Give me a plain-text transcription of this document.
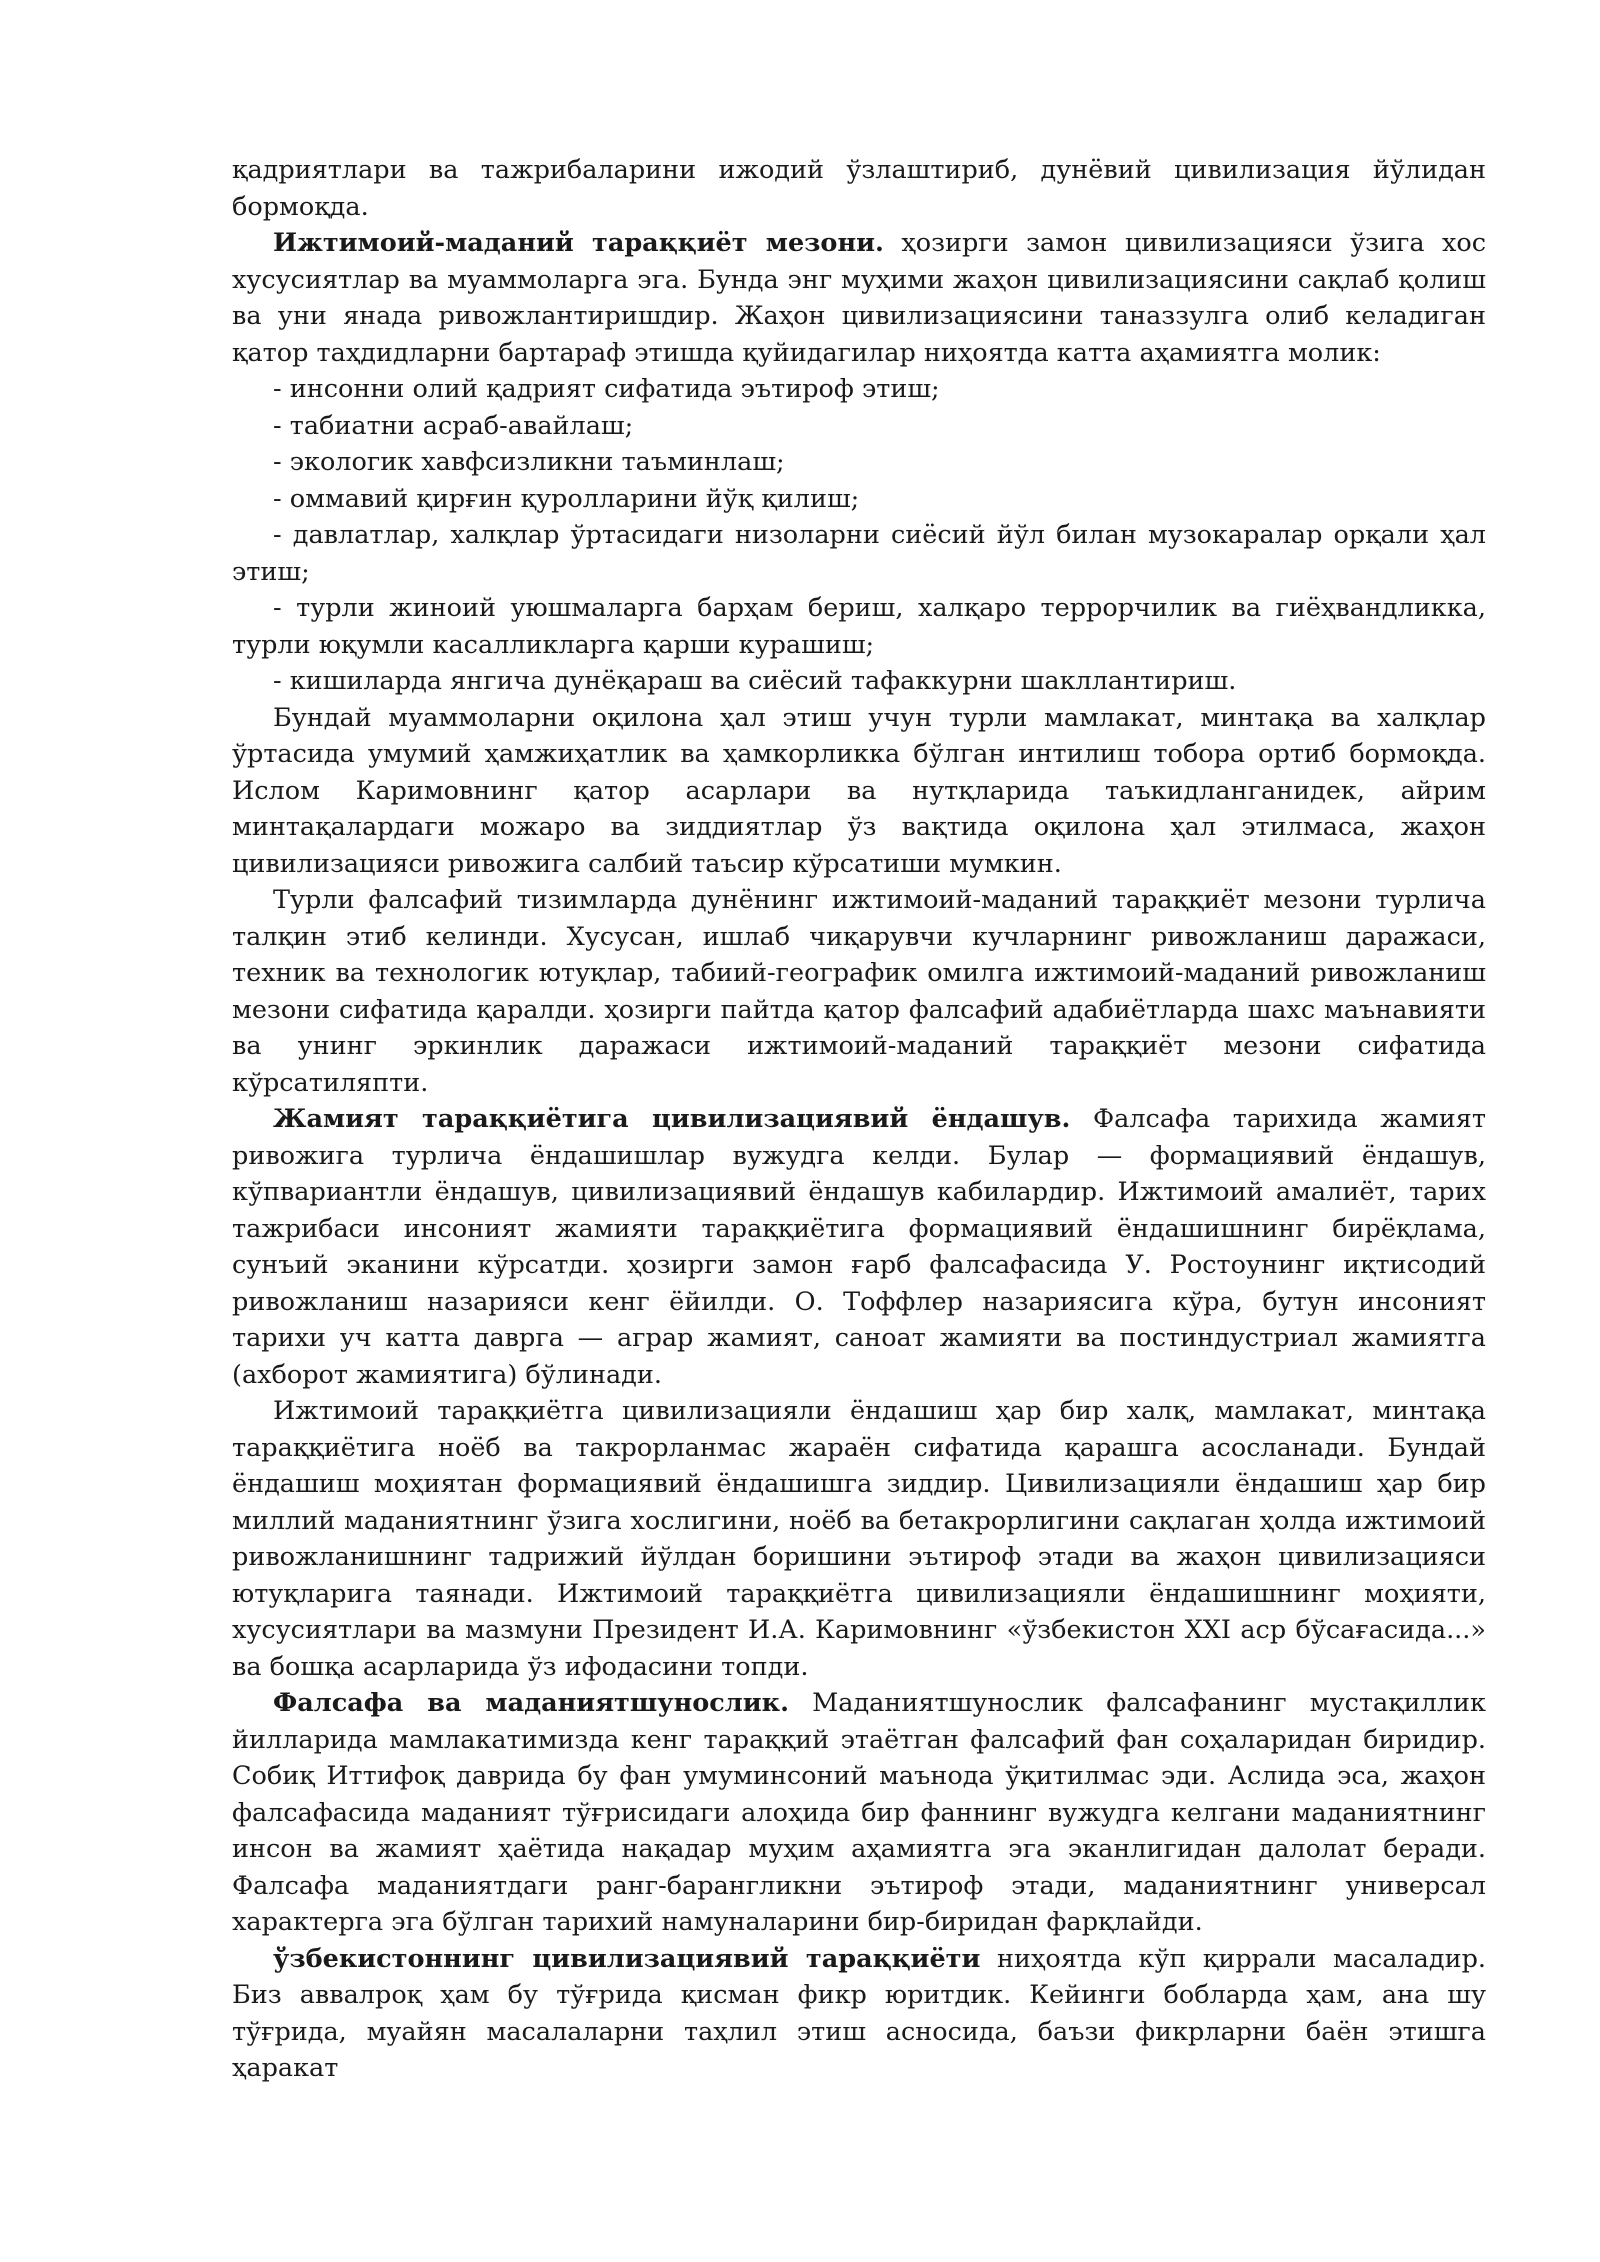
қадриятлари ва тажрибаларини ижодий ўзлаштириб, дунёвий цивилизация йўлидан бормоқда.

Ижтимоий-маданий тараққиёт мезони. ҳозирги замон цивилизацияси ўзига хос хусусиятлар ва муаммоларга эга. Бунда энг муҳими жаҳон цивилизациясини сақлаб қолиш ва уни янада ривожлантиришдир. Жаҳон цивилизациясини таназзулга олиб келадиган қатор таҳдидларни бартараф этишда қуйидагилар ниҳоятда катта аҳамиятга молик:

- инсонни олий қадрият сифатида эътироф этиш;

- табиатни асраб-авайлаш;

- экологик хавфсизликни таъминлаш;

- оммавий қирғин қуролларини йўқ қилиш;

- давлатлар, халқлар ўртасидаги низоларни сиёсий йўл билан музокаралар орқали ҳал этиш;

- турли жиноий уюшмаларга барҳам бериш, халқаро террорчилик ва гиёҳвандликка, турли юқумли касалликларга қарши курашиш;

- кишиларда янгича дунёқараш ва сиёсий тафаккурни шакллантириш.

Бундай муаммоларни оқилона ҳал этиш учун турли мамлакат, минтақа ва халқлар ўртасида умумий ҳамжиҳатлик ва ҳамкорликка бўлган интилиш тобора ортиб бормоқда. Ислом Каримовнинг қатор асарлари ва нутқларида таъкидланганидек, айрим минтақалардаги можаро ва зиддиятлар ўз вақтида оқилона ҳал этилмаса, жаҳон цивилизацияси ривожига салбий таъсир кўрсатиши мумкин.

Турли фалсафий тизимларда дунёнинг ижтимоий-маданий тараққиёт мезони турлича талқин этиб келинди. Хусусан, ишлаб чиқарувчи кучларнинг ривожланиш даражаси, техник ва технологик ютуқлар, табиий-географик омилга ижтимоий-маданий ривожланиш мезони сифатида қаралди. ҳозирги пайтда қатор фалсафий адабиётларда шахс маънавияти ва унинг эркинлик даражаси ижтимоий-маданий тараққиёт мезони сифатида кўрсатиляпти.

Жамият тараққиётига цивилизациявий ёндашув. Фалсафа тарихида жамият ривожига турлича ёндашишлар вужудга келди. Булар — формациявий ёндашув, кўпвариантли ёндашув, цивилизациявий ёндашув кабилардир. Ижтимоий амалиёт, тарих тажрибаси инсоният жамияти тараққиётига формациявий ёндашишнинг бирёқлама, сунъий эканини кўрсатди. ҳозирги замон ғарб фалсафасида У. Ростоунинг иқтисодий ривожланиш назарияси кенг ёйилди. О. Тоффлер назариясига кўра, бутун инсоният тарихи уч катта даврга — аграр жамият, саноат жамияти ва постиндустриал жамиятга (ахборот жамиятига) бўлинади.

Ижтимоий тараққиётга цивилизацияли ёндашиш ҳар бир халқ, мамлакат, минтақа тараққиётига ноёб ва такрорланмас жараён сифатида қарашга асосланади. Бундай ёндашиш моҳиятан формациявий ёндашишга зиддир. Цивилизацияли ёндашиш ҳар бир миллий маданиятнинг ўзига хослигини, ноёб ва бетакрорлигини сақлаган ҳолда ижтимоий ривожланишнинг тадрижий йўлдан боришини эътироф этади ва жаҳон цивилизацияси ютуқларига таянади. Ижтимоий тараққиётга цивилизацияли ёндашишнинг моҳияти, хусусиятлари ва мазмуни Президент И.А. Каримовнинг «ўзбекистон XXI аср бўсағасида...» ва бошқа асарларида ўз ифодасини топди.

Фалсафа ва маданиятшунослик. Маданиятшунослик фалсафанинг мустақиллик йилларида мамлакатимизда кенг тараққий этаётган фалсафий фан соҳаларидан биридир. Собиқ Иттифоқ даврида бу фан умуминсоний маънода ўқитилмас эди. Аслида эса, жаҳон фалсафасида маданият тўғрисидаги алоҳида бир фаннинг вужудга келгани маданиятнинг инсон ва жамият ҳаётида нақадар муҳим аҳамиятга эга эканлигидан далолат беради. Фалсафа маданиятдаги ранг-барангликни эътироф этади, маданиятнинг универсал характерга эга бўлган тарихий намуналарини бир-биридан фарқлайди.

ўзбекистоннинг цивилизациявий тараққиёти ниҳоятда кўп қиррали масаладир. Биз аввалроқ ҳам бу тўғрида қисман фикр юритдик. Кейинги бобларда ҳам, ана шу тўғрида, муайян масалаларни таҳлил этиш асносида, баъзи фикрларни баён этишга ҳаракат
